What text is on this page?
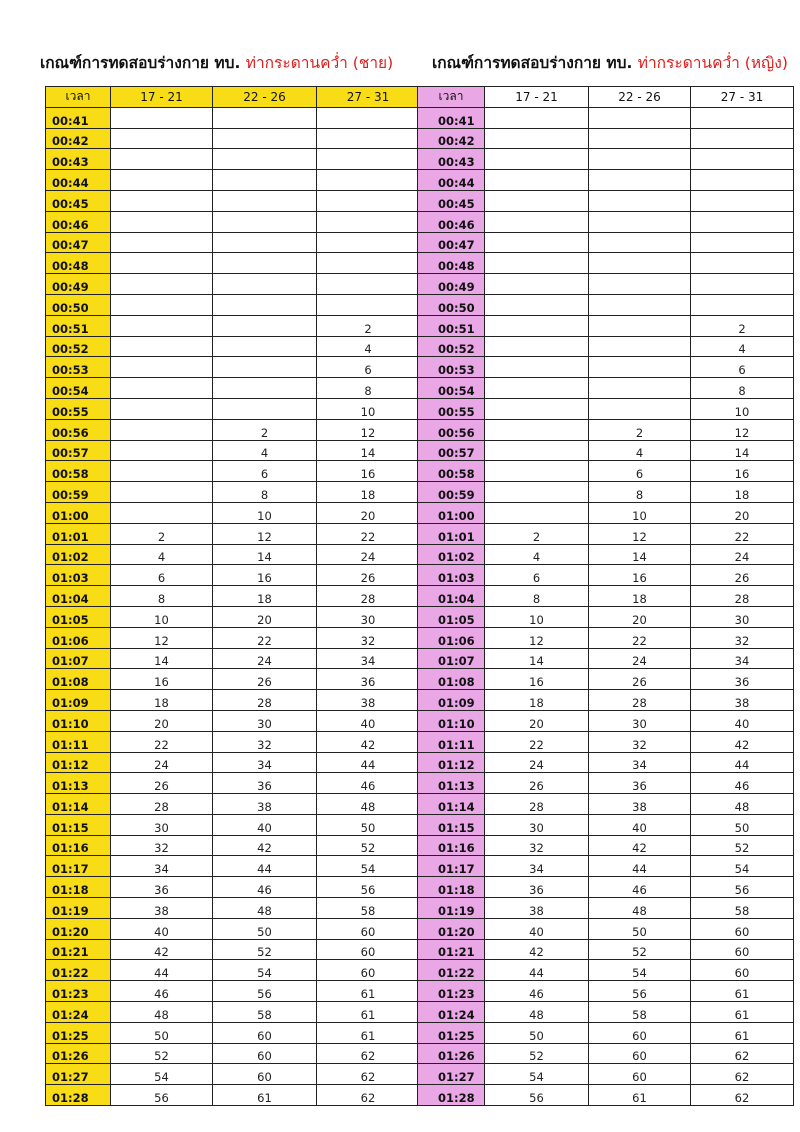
เกณฑ์การทดสอบร่างกาย ทบ. ท่ากระดานคว่ำ (ชาย)	เกณฑ์การทดสอบร่างกาย ทบ. ท่ากระดานคว่ำ (หญิง)
เวลา	17 - 21	22 - 26	27 - 31
00:41			
00:42			
00:43			
00:44			
00:45			
00:46			
00:47			
00:48			
00:49			
00:50			
00:51			2
00:52			4
00:53			6
00:54			8
00:55			10
00:56		2	12
00:57		4	14
00:58		6	16
00:59		8	18
01:00		10	20
01:01	2	12	22
01:02	4	14	24
01:03	6	16	26
01:04	8	18	28
01:05	10	20	30
01:06	12	22	32
01:07	14	24	34
01:08	16	26	36
01:09	18	28	38
01:10	20	30	40
01:11	22	32	42
01:12	24	34	44
01:13	26	36	46
01:14	28	38	48
01:15	30	40	50
01:16	32	42	52
01:17	34	44	54
01:18	36	46	56
01:19	38	48	58
01:20	40	50	60
01:21	42	52	60
01:22	44	54	60
01:23	46	56	61
01:24	48	58	61
01:25	50	60	61
01:26	52	60	62
01:27	54	60	62
01:28	56	61	62
เวลา	17 - 21	22 - 26	27 - 31
00:41			
00:42			
00:43			
00:44			
00:45			
00:46			
00:47			
00:48			
00:49			
00:50			
00:51			2
00:52			4
00:53			6
00:54			8
00:55			10
00:56		2	12
00:57		4	14
00:58		6	16
00:59		8	18
01:00		10	20
01:01	2	12	22
01:02	4	14	24
01:03	6	16	26
01:04	8	18	28
01:05	10	20	30
01:06	12	22	32
01:07	14	24	34
01:08	16	26	36
01:09	18	28	38
01:10	20	30	40
01:11	22	32	42
01:12	24	34	44
01:13	26	36	46
01:14	28	38	48
01:15	30	40	50
01:16	32	42	52
01:17	34	44	54
01:18	36	46	56
01:19	38	48	58
01:20	40	50	60
01:21	42	52	60
01:22	44	54	60
01:23	46	56	61
01:24	48	58	61
01:25	50	60	61
01:26	52	60	62
01:27	54	60	62
01:28	56	61	62
